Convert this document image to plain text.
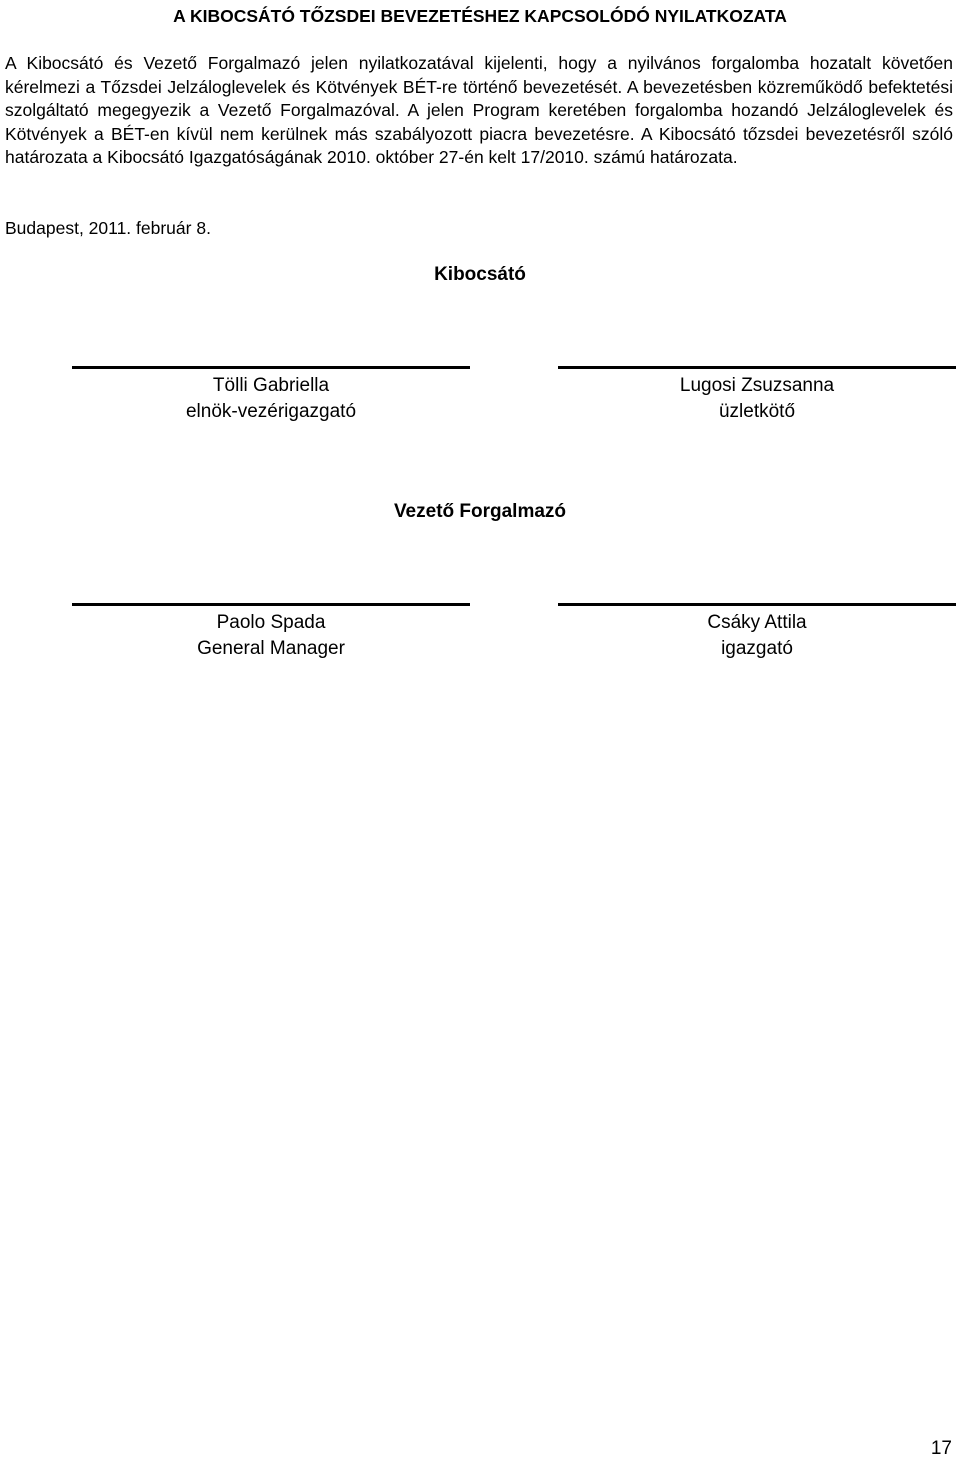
A KIBOCSÁTÓ TŐZSDEI BEVEZETÉSHEZ KAPCSOLÓDÓ NYILATKOZATA

A Kibocsátó és Vezető Forgalmazó jelen nyilatkozatával kijelenti, hogy a nyilvános forgalomba hozatalt követően kérelmezi a Tőzsdei Jelzáloglevelek és Kötvények BÉT-re történő bevezetését. A bevezetésben közreműködő befektetési szolgáltató megegyezik a Vezető Forgalmazóval. A jelen Program keretében forgalomba hozandó Jelzáloglevelek és Kötvények a BÉT-en kívül nem kerülnek más szabályozott piacra bevezetésre. A Kibocsátó tőzsdei bevezetésről szóló határozata a Kibocsátó Igazgatóságának 2010. október 27-én kelt 17/2010. számú határozata.

Budapest, 2011. február 8.

Kibocsátó
Tölli Gabriella
elnök-vezérigazgató
Lugosi Zsuzsanna
üzletkötő
Vezető Forgalmazó
Paolo Spada
General Manager
Csáky Attila
igazgató
17
